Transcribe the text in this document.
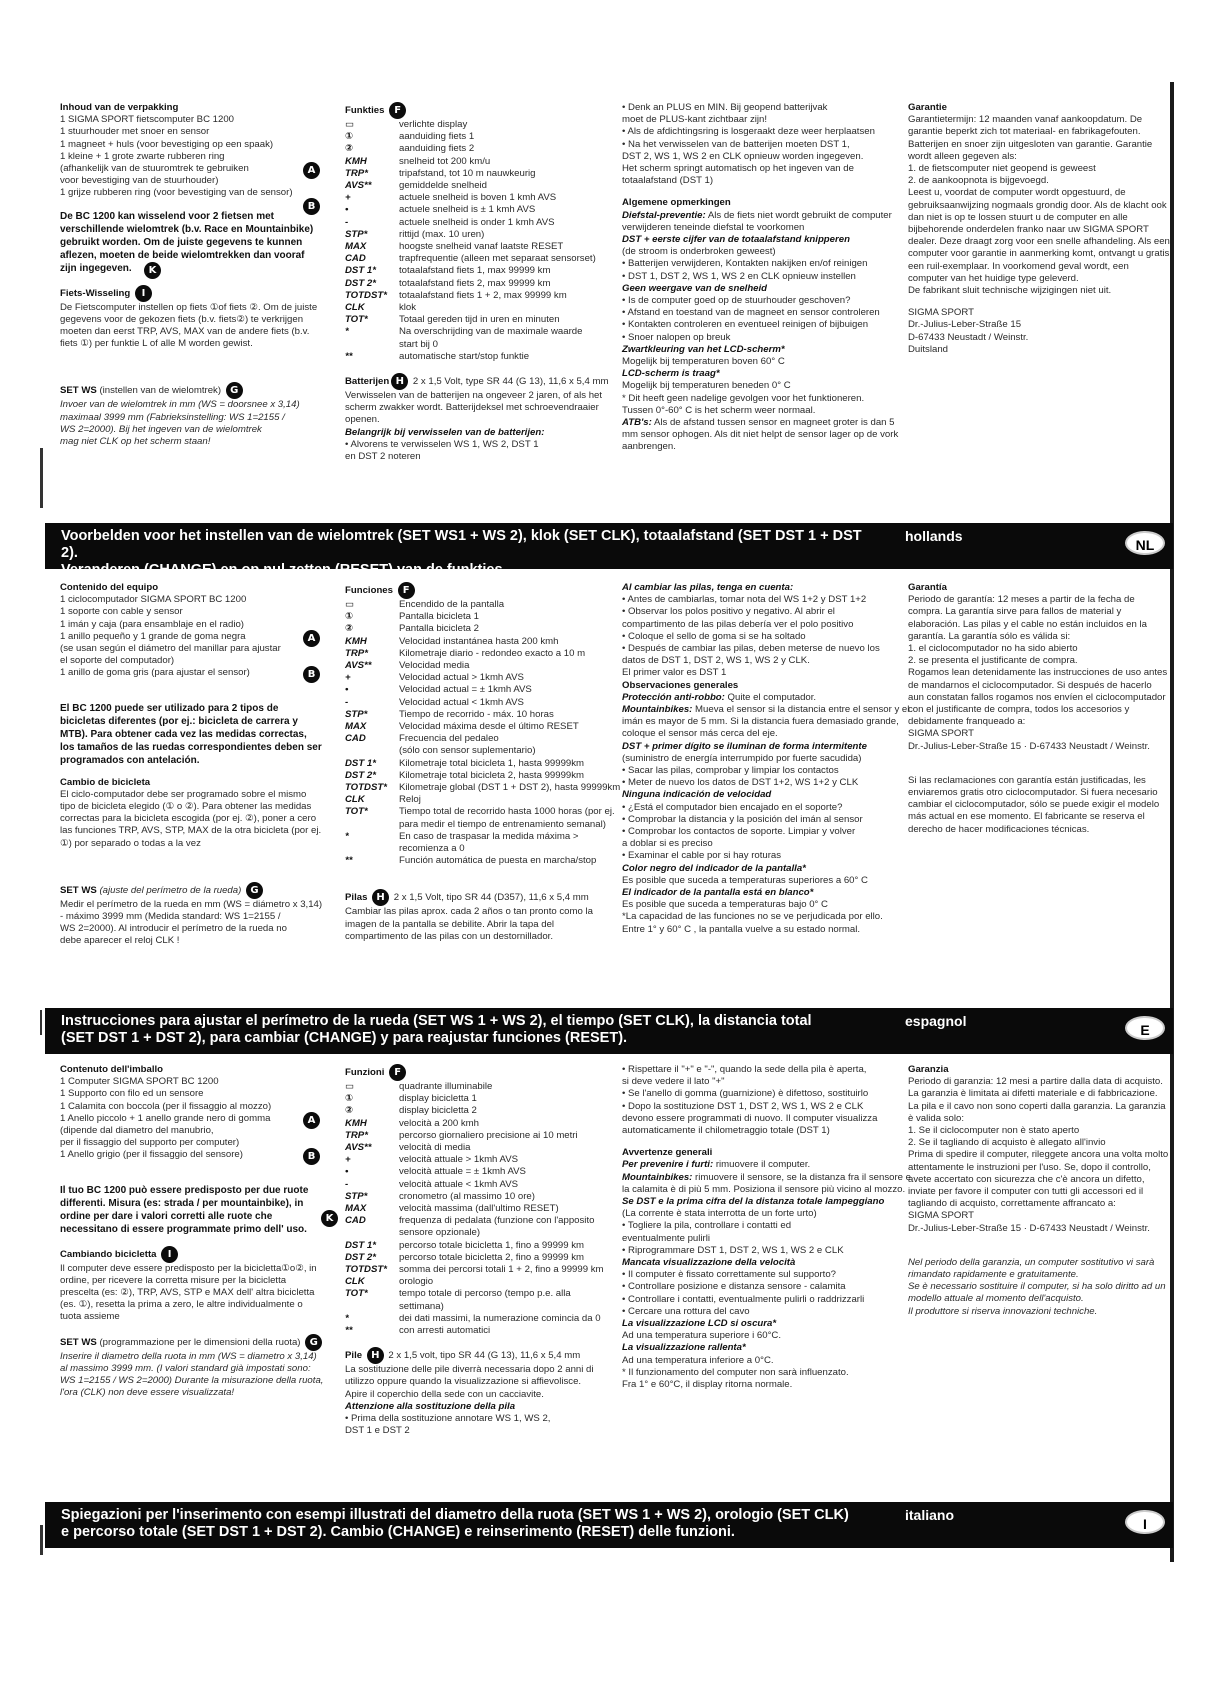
Inhoud van de verpakking

1 SIGMA SPORT fietscomputer BC 1200
1 stuurhouder met snoer en sensor
1 magneet + huls (voor bevestiging op een spaak)
1 kleine + 1 grote zwarte rubberen ring
(afhankelijk van de stuuromtrek te gebruiken
voor bevestiging van de stuurhouder)
1 grijze rubberen ring (voor bevestiging van de sensor)

A
B

De BC 1200 kan wisselend voor 2 fietsen met verschillende wielomtrek (b.v. Race en Mountainbike) gebruikt worden. Om de juiste gegevens te kunnen aflezen, moeten de beide wielomtrekken dan vooraf zijn ingegeven.	K
Fiets-Wisseling I

De Fietscomputer instellen op fiets ①of fiets ②. Om de juiste gegevens voor de gekozen fiets (b.v. fiets②) te verkrijgen moeten dan eerst TRP, AVS, MAX van de andere fiets (b.v. fiets ①) per funktie L of alle M worden gewist.

SET WS (instellen van de wielomtrek) G

Invoer van de wielomtrek in mm (WS = doorsnee x 3,14)
maximaal 3999 mm (Fabrieksinstelling: WS 1=2155 /
WS 2=2000). Bij het ingeven van de wielomtrek
mag niet CLK op het scherm staan!

Funkties F
▭	verlichte display
①	aanduiding fiets 1
②	aanduiding fiets 2
KMH	snelheid tot 200 km/u
TRP*	tripafstand, tot 10 m nauwkeurig
AVS**	gemiddelde snelheid
+	actuele snelheid is boven 1 kmh AVS
•	actuele snelheid is ± 1 kmh AVS
-	actuele snelheid is onder 1 kmh AVS
STP*	rittijd (max. 10 uren)
MAX	hoogste snelheid vanaf laatste RESET
CAD	trapfrequentie (alleen met separaat sensorset)
DST 1*	totaalafstand fiets 1, max 99999 km
DST 2*	totaalafstand fiets 2, max 99999 km
TOTDST*	totaalafstand fiets 1 + 2, max 99999 km
CLK	klok
TOT*	Totaal gereden tijd in uren en minuten
*	Na overschrijding van de maximale waarde
start bij 0
**	automatische start/stop funktie
Batterijen H 2 x 1,5 Volt, type SR 44 (G 13), 11,6 x 5,4 mm

Verwisselen van de batterijen na ongeveer 2 jaren, of als het
scherm zwakker wordt. Batterijdeksel met schroevendraaier
openen.

Belangrijk bij verwisselen van de batterijen:

• Alvorens te verwisselen WS 1, WS 2, DST 1
en DST 2 noteren

• Denk an PLUS en MIN. Bij geopend batterijvak
moet de PLUS-kant zichtbaar zijn!
• Als de afdichtingsring is losgeraakt deze weer herplaatsen
• Na het verwisselen van de batterijen moeten DST 1,
DST 2, WS 1, WS 2 en CLK opnieuw worden ingegeven.
Het scherm springt automatisch op het ingeven van de
totaalafstand (DST 1)

Algemene opmerkingen

Diefstal-preventie: Als de fiets niet wordt gebruikt de computer verwijderen teneinde diefstal te voorkomen

DST + eerste cijfer van de totaalafstand knipperen
(de stroom is onderbroken geweest)
• Batterijen verwijderen, Kontakten nakijken en/of reinigen
• DST 1, DST 2, WS 1, WS 2 en CLK opnieuw instellen

Geen weergave van de snelheid
• Is de computer goed op de stuurhouder geschoven?
• Afstand en toestand van de magneet en sensor controleren
• Kontakten controleren en eventueel reinigen of bijbuigen
• Snoer nalopen op breuk

Zwartkleuring van het LCD-scherm*
Mogelijk bij temperaturen boven 60° C

LCD-scherm is traag*
Mogelijk bij temperaturen beneden 0° C
* Dit heeft geen nadelige gevolgen voor het funktioneren.
Tussen 0°-60° C is het scherm weer normaal.

ATB's: Als de afstand tussen sensor en magneet groter is dan 5 mm sensor ophogen. Als dit niet helpt de sensor lager op de vork aanbrengen.

Garantie

Garantietermijn: 12 maanden vanaf aankoopdatum. De garantie beperkt zich tot materiaal- en fabrikagefouten. Batterijen en snoer zijn uitgesloten van garantie. Garantie wordt alleen gegeven als:
1. de fietscomputer niet geopend is geweest
2. de aankoopnota is bijgevoegd.
Leest u, voordat de computer wordt opgestuurd, de gebruiksaanwijzing nogmaals grondig door. Als de klacht ook dan niet is op te lossen stuurt u de computer en alle bijbehorende onderdelen franko naar uw SIGMA SPORT dealer. Deze draagt zorg voor een snelle afhandeling. Als een computer voor garantie in aanmerking komt, ontvangt u gratis een ruil-exemplaar. In voorkomend geval wordt, een computer van het huidige type geleverd.
De fabrikant sluit technische wijzigingen niet uit.

SIGMA SPORT
Dr.-Julius-Leber-Straße 15
D-67433 Neustadt / Weinstr.
Duitsland

Voorbelden voor het instellen van de wielomtrek (SET WS1 + WS 2), klok (SET CLK), totaalafstand (SET DST 1 + DST 2).
Veranderen (CHANGE) en op nul zetten (RESET) van de funkties.
hollands
NL
Contenido del equipo

1 ciclocomputador SIGMA SPORT BC 1200
1 soporte con cable y sensor
1 imán y caja (para ensamblaje en el radio)
1 anillo pequeño y 1 grande de goma negra
(se usan según el diámetro del manillar para ajustar
el soporte del computador)
1 anillo de goma gris (para ajustar el sensor)

A
B

El BC 1200 puede ser utilizado para 2 tipos de bicicletas diferentes (por ej.: bicicleta de carrera y MTB). Para obtener cada vez las medidas correctas, los tamaños de las ruedas correspondientes deben ser programados con antelación.

Cambio de bicicleta

El ciclo-computador debe ser programado sobre el mismo tipo de bicicleta elegido (① o ②). Para obtener las medidas correctas para la bicicleta escogida (por ej. ②), poner a cero las funciones TRP, AVS, STP, MAX de la otra bicicleta (por ej. ①) por separado o todas a la vez

SET WS (ajuste del perímetro de la rueda) G

Medir el perímetro de la rueda en mm (WS = diámetro x 3,14)
- máximo 3999 mm (Medida standard: WS 1=2155 /
WS 2=2000). Al introducir el perímetro de la rueda no
debe aparecer el reloj CLK !

Funciones F
▭	Encendido de la pantalla
①	Pantalla bicicleta 1
②	Pantalla bicicleta 2
KMH	Velocidad instantánea hasta 200 kmh
TRP*	Kilometraje diario - redondeo exacto a 10 m
AVS**	Velocidad media
+	Velocidad actual > 1kmh AVS
•	Velocidad actual = ± 1kmh AVS
-	Velocidad actual < 1kmh AVS
STP*	Tiempo de recorrido - máx. 10 horas
MAX	Velocidad máxima desde el último RESET
CAD	Frecuencia del pedaleo
(sólo con sensor suplementario)
DST 1*	Kilometraje total bicicleta 1, hasta 99999km
DST 2*	Kilometraje total bicicleta 2, hasta 99999km
TOTDST*	Kilometraje global (DST 1 + DST 2), hasta 99999km
CLK	Reloj
TOT*	Tiempo total de recorrido hasta 1000 horas (por ej.
para medir el tiempo de entrenamiento semanal)
*	En caso de traspasar la medida máxima >
recomienza a 0
**	Función automática de puesta en marcha/stop
Pilas H 2 x 1,5 Volt, tipo SR 44 (D357), 11,6 x 5,4 mm

Cambiar las pilas aprox. cada 2 años o tan pronto como la
imagen de la pantalla se debilite. Abrir la tapa del
compartimento de las pilas con un destornillador.

Al cambiar las pilas, tenga en cuenta:

• Antes de cambiarlas, tomar nota del WS 1+2 y DST 1+2
• Observar los polos positivo y negativo. Al abrir el
compartimento de las pilas debería ver el polo positivo
• Coloque el sello de goma si se ha soltado
• Después de cambiar las pilas, deben meterse de nuevo los
datos de DST 1, DST 2, WS 1, WS 2 y CLK.
El primer valor es DST 1

Observaciones generales

Protección anti-robbo: Quite el computador.

Mountainbikes: Mueva el sensor si la distancia entre el sensor y el imán es mayor de 5 mm. Si la distancia fuera demasiado grande, coloque el sensor más cerca del eje.

DST + primer dígito se iluminan de forma intermitente
(suministro de energía interrumpido por fuerte sacudida)
• Sacar las pilas, comprobar y limpiar los contactos
• Meter de nuevo los datos de DST 1+2, WS 1+2 y CLK

Ninguna indicación de velocidad
• ¿Está el computador bien encajado en el soporte?
• Comprobar la distancia y la posición del imán al sensor
• Comprobar los contactos de soporte. Limpiar y volver
a doblar si es preciso
• Examinar el cable por si hay roturas

Color negro del indicador de la pantalla*
Es posible que suceda a temperaturas superiores a 60° C

El indicador de la pantalla está en blanco*
Es posible que suceda a temperaturas bajo 0° C
*La capacidad de las funciones no se ve perjudicada por ello.
Entre 1° y 60° C , la pantalla vuelve a su estado normal.

Garantía

Periodo de garantía: 12 meses a partir de la fecha de compra. La garantía sirve para fallos de material y elaboración. Las pilas y el cable no están incluidos en la garantía. La garantía sólo es válida si:
1. el ciclocomputador no ha sido abierto
2. se presenta el justificante de compra.
Rogamos lean detenidamente las instrucciones de uso antes de mandarnos el ciclocomputador. Si después de hacerlo aun constatan fallos rogamos nos envíen el ciclocomputador con el justificante de compra, todos los accesorios y debidamente franqueado a:

SIGMA SPORT
Dr.-Julius-Leber-Straße 15 · D-67433 Neustadt / Weinstr.

Si las reclamaciones con garantía están justificadas, les enviaremos gratis otro ciclocomputador. Si fuera necesario cambiar el ciclocomputador, sólo se puede exigir el modelo más actual en ese momento. El fabricante se reserva el derecho de hacer modificaciones técnicas.

Instrucciones para ajustar el perímetro de la rueda (SET WS 1 + WS 2), el tiempo (SET CLK), la distancia total
(SET DST 1 + DST 2), para cambiar (CHANGE) y para reajustar funciones (RESET).
espagnol
E
Contenuto dell'imballo

1 Computer SIGMA SPORT BC 1200
1 Supporto con filo ed un sensore
1 Calamita con boccola (per il fissaggio al mozzo)
1 Anello piccolo + 1 anello grande nero di gomma
(dipende dal diametro del manubrio,
per il fissaggio del supporto per computer)
1 Anello grigio (per il fissaggio del sensore)

A
B

Il tuo BC 1200 può essere predisposto per due ruote differenti. Misura (es: strada / per mountainbike), in ordine per dare i valori corretti alle ruote che necessitano di essere programmate primo dell' uso.

K
Cambiando bicicletta I

Il computer deve essere predisposto per la bicicletta①o②, in ordine, per ricevere la corretta misure per la bicicletta prescelta (es: ②), TRP, AVS, STP e MAX dell' altra bicicletta (es. ①), resetta la prima a zero, le altre individualmente o tuota assieme

SET WS (programmazione per le dimensioni della ruota) G

Inserire il diametro della ruota in mm (WS = diametro x 3,14)
al massimo 3999 mm. (I valori standard già impostati sono:
WS 1=2155 / WS 2=2000) Durante la misurazione della ruota,
l'ora (CLK) non deve essere visualizzata!

Funzioni F
▭	quadrante illuminabile
①	display bicicletta 1
②	display bicicletta 2
KMH	velocità a 200 kmh
TRP*	percorso giornaliero precisione ai 10 metri
AVS**	velocità di media
+	velocità attuale > 1kmh AVS
•	velocità attuale = ± 1kmh AVS
-	velocità attuale < 1kmh AVS
STP*	cronometro (al massimo 10 ore)
MAX	velocità massima (dall'ultimo RESET)
CAD	frequenza di pedalata (funzione con l'apposito
sensore opzionale)
DST 1*	percorso totale bicicletta 1, fino a 99999 km
DST 2*	percorso totale bicicletta 2, fino a 99999 km
TOTDST*	somma dei percorsi totali 1 + 2, fino a 99999 km
CLK	orologio
TOT*	tempo totale di percorso (tempo p.e. alla
settimana)
*	dei dati massimi, la numerazione comincia da 0
**	con arresti automatici
Pile H 2 x 1,5 volt, tipo SR 44 (G 13), 11,6 x 5,4 mm

La sostituzione delle pile diverrà necessaria dopo 2 anni di
utilizzo oppure quando la visualizzazione si affievolisce.
Apire il coperchio della sede con un cacciavite.

Attenzione alla sostituzione della pila

• Prima della sostituzione annotare WS 1, WS 2,
DST 1 e DST 2

• Rispettare il "+" e "-", quando la sede della pila è aperta,
si deve vedere il lato "+"
• Se l'anello di gomma (guarnizione) è difettoso, sostituirlo
• Dopo la sostituzione DST 1, DST 2, WS 1, WS 2 e CLK
devono essere programmati di nuovo. Il computer visualizza
automaticamente il chilometraggio totale (DST 1)

Avvertenze generali

Per prevenire i furti: rimuovere il computer.

Mountainbikes: rimuovere il sensore, se la distanza fra il sensore e la calamita è di più 5 mm. Posiziona il sensore più vicino al mozzo.

Se DST e la prima cifra del la distanza totale lampeggiano
(La corrente è stata interrotta de un forte urto)
• Togliere la pila, controllare i contatti ed
eventualmente pulirli
• Riprogrammare DST 1, DST 2, WS 1, WS 2 e CLK

Mancata visualizzazione della velocità
• Il computer è fissato correttamente sul supporto?
• Controllare posizione e distanza sensore - calamita
• Controllare i contatti, eventualmente pulirli o raddrizzarli
• Cercare una rottura del cavo

La visualizzazione LCD si oscura*
Ad una temperatura superiore i 60°C.

La visualizzazione rallenta*
Ad una temperatura inferiore a 0°C.
* Il funzionamento del computer non sarà influenzato.
Fra 1° e 60°C, il display ritorna normale.

Garanzia

Periodo di garanzia: 12 mesi a partire dalla data di acquisto. La garanzia è limitata ai difetti materiale e di fabbricazione. La pila e il cavo non sono coperti dalla garanzia. La garanzia è valida solo:
1. Se il ciclocomputer non è stato aperto
2. Se il tagliando di acquisto è allegato all'invio
Prima di spedire il computer, rileggete ancora una volta molto attentamente le instruzioni per l'uso. Se, dopo il controllo, avete accertato con sicurezza che c'è ancora un difetto, inviate per favore il computer con tutti gli accessori ed il tagliando di acquisto, correttamente affrancato a:

SIGMA SPORT
Dr.-Julius-Leber-Straße 15 · D-67433 Neustadt / Weinstr.

Nel periodo della garanzia, un computer sostitutivo vi sarà rimandato rapidamente e gratuitamente.
Se è necessario sostituire il computer, si ha solo diritto ad un modello attuale al momento dell'acquisto.
Il produttore si riserva innovazioni techniche.

Spiegazioni per l'inserimento con esempi illustrati del diametro della ruota (SET WS 1 + WS 2), orologio (SET CLK)
e percorso totale (SET DST 1 + DST 2). Cambio (CHANGE) e reinserimento (RESET) delle funzioni.
italiano
I
